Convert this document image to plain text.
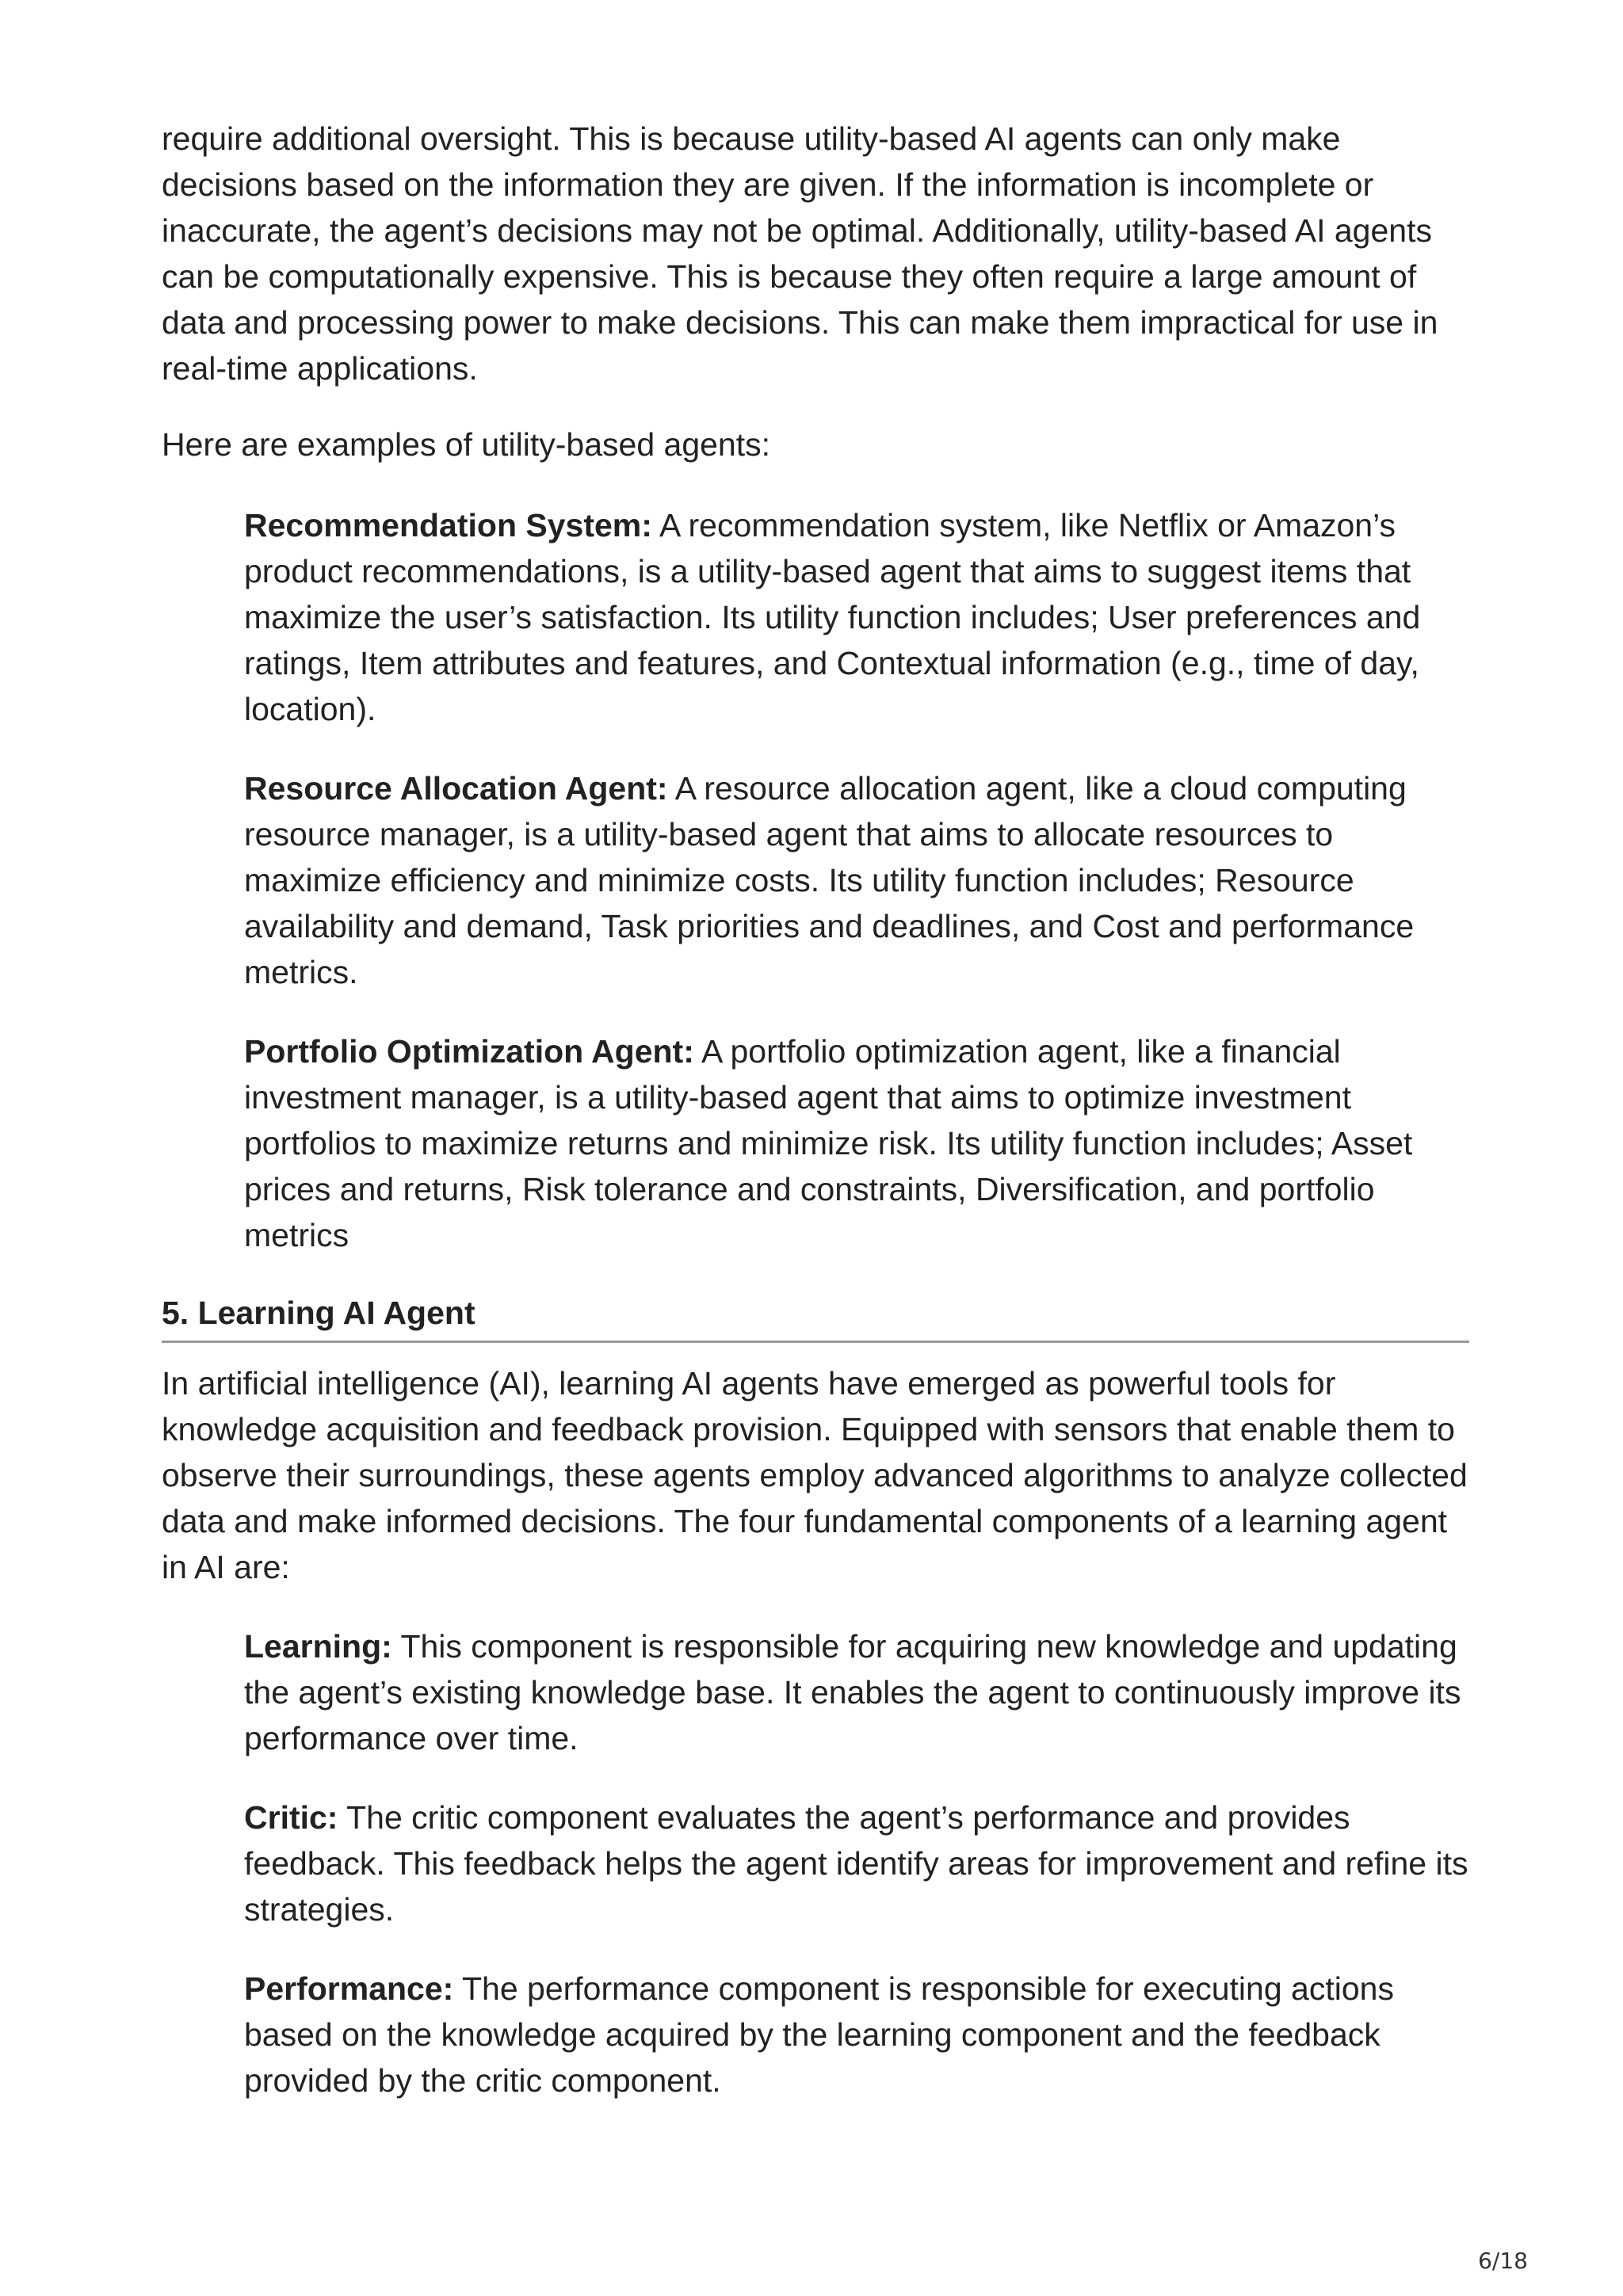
require additional oversight. This is because utility-based AI agents can only make decisions based on the information they are given. If the information is incomplete or inaccurate, the agent’s decisions may not be optimal. Additionally, utility-based AI agents can be computationally expensive. This is because they often require a large amount of data and processing power to make decisions. This can make them impractical for use in real-time applications.

Here are examples of utility-based agents:

Recommendation System: A recommendation system, like Netflix or Amazon’s product recommendations, is a utility-based agent that aims to suggest items that maximize the user’s satisfaction. Its utility function includes; User preferences and ratings, Item attributes and features, and Contextual information (e.g., time of day, location).

Resource Allocation Agent: A resource allocation agent, like a cloud computing resource manager, is a utility-based agent that aims to allocate resources to maximize efficiency and minimize costs. Its utility function includes; Resource availability and demand, Task priorities and deadlines, and Cost and performance metrics.

Portfolio Optimization Agent: A portfolio optimization agent, like a financial investment manager, is a utility-based agent that aims to optimize investment portfolios to maximize returns and minimize risk. Its utility function includes; Asset prices and returns, Risk tolerance and constraints, Diversification, and portfolio metrics

5. Learning AI Agent

In artificial intelligence (AI), learning AI agents have emerged as powerful tools for knowledge acquisition and feedback provision. Equipped with sensors that enable them to observe their surroundings, these agents employ advanced algorithms to analyze collected data and make informed decisions. The four fundamental components of a learning agent in AI are:

Learning: This component is responsible for acquiring new knowledge and updating the agent’s existing knowledge base. It enables the agent to continuously improve its performance over time.

Critic: The critic component evaluates the agent’s performance and provides feedback. This feedback helps the agent identify areas for improvement and refine its strategies.

Performance: The performance component is responsible for executing actions based on the knowledge acquired by the learning component and the feedback provided by the critic component.

6/18
